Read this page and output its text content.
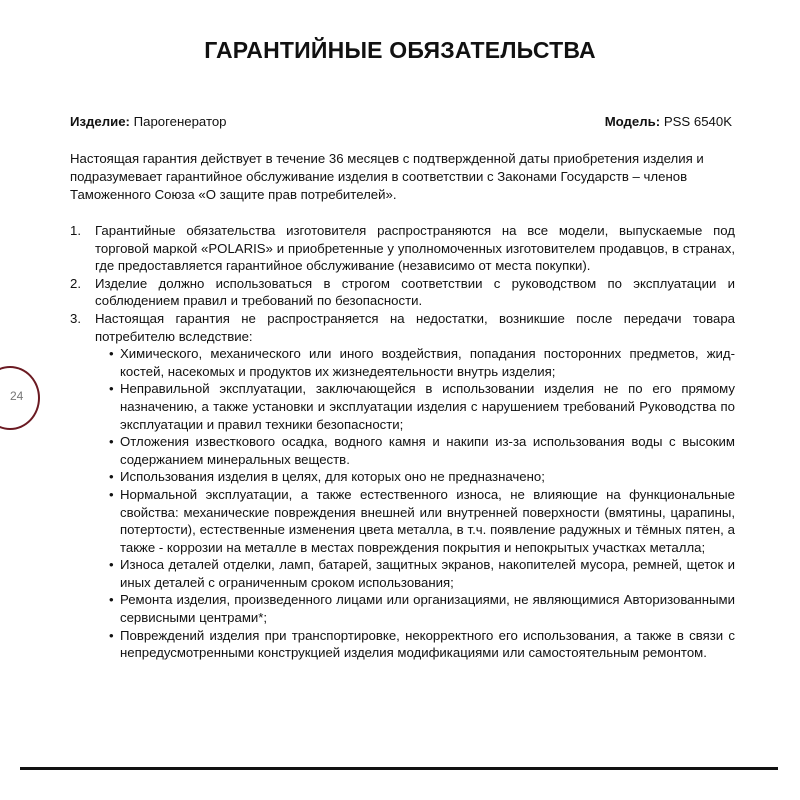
ГАРАНТИЙНЫЕ ОБЯЗАТЕЛЬСТВА
Изделие: Парогенератор	Модель: PSS 6540K
Настоящая гарантия действует в течение 36 месяцев с подтвержденной даты приобретения изделия и подразумевает гарантийное обслуживание изделия в соответствии с Законами Государств – членов Таможенного Союза «О защите прав потребителей».
1. Гарантийные обязательства изготовителя распространяются на все модели, выпускаемые под торговой маркой «POLARIS» и приобретенные у уполномоченных изготовителем продавцов, в странах, где предоставляется гарантийное обслуживание (независимо от места покупки).
2. Изделие должно использоваться в строгом соответствии с руководством по эксплуатации и соблюдением правил и требований по безопасности.
3. Настоящая гарантия не распространяется на недостатки, возникшие после передачи товара потребителю вследствие:
• Химического, механического или иного воздействия, попадания посторонних предметов, жид-костей, насекомых и продуктов их жизнедеятельности внутрь изделия;
• Неправильной эксплуатации, заключающейся в использовании изделия не по его прямому назначению, а также установки и эксплуатации изделия с нарушением требований Руководства по эксплуатации и правил техники безопасности;
• Отложения известкового осадка, водного камня и накипи из-за использования воды с высоким содержанием минеральных веществ.
• Использования изделия в целях, для которых оно не предназначено;
• Нормальной эксплуатации, а также естественного износа, не влияющие на функциональные свойства: механические повреждения внешней или внутренней поверхности (вмятины, царапины, потертости), естественные изменения цвета металла, в т.ч. появление радужных и тёмных пятен, а также - коррозии на металле в местах повреждения покрытия и непокрытых участках металла;
• Износа деталей отделки, ламп, батарей, защитных экранов, накопителей мусора, ремней, щеток и иных деталей с ограниченным сроком использования;
• Ремонта изделия, произведенного лицами или организациями, не являющимися Авторизованными сервисными центрами*;
• Повреждений изделия при транспортировке, некорректного его использования, а также в связи с непредусмотренными конструкцией изделия модификациями или самостоятельным ремонтом.
24
